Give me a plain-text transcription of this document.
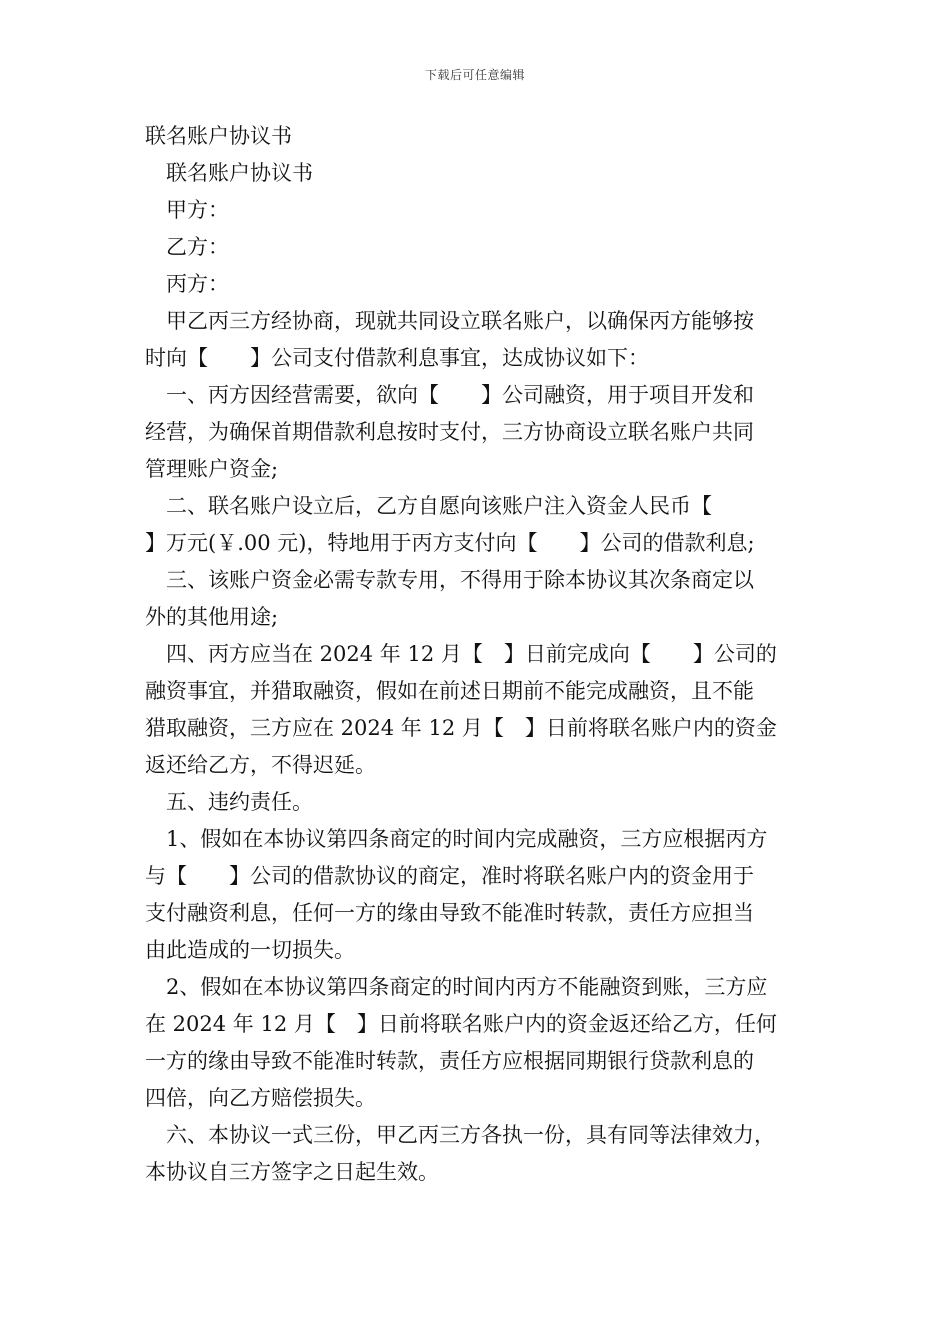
下载后可任意编辑
联名账户协议书
　联名账户协议书
　甲方：
　乙方：
　丙方：
　甲乙丙三方经协商，现就共同设立联名账户，以确保丙方能够按
时向【　　】公司支付借款利息事宜，达成协议如下：
　一、丙方因经营需要，欲向【　　】公司融资，用于项目开发和
经营，为确保首期借款利息按时支付，三方协商设立联名账户共同
管理账户资金;
　二、联名账户设立后，乙方自愿向该账户注入资金人民币【
】万元(￥.00 元)，特地用于丙方支付向【　　】公司的借款利息;
　三、该账户资金必需专款专用，不得用于除本协议其次条商定以
外的其他用途;
　四、丙方应当在 2024 年 12 月【　】日前完成向【　　】公司的
融资事宜，并猎取融资，假如在前述日期前不能完成融资，且不能
猎取融资，三方应在 2024 年 12 月【　】日前将联名账户内的资金
返还给乙方，不得迟延。
　五、违约责任。
　1、假如在本协议第四条商定的时间内完成融资，三方应根据丙方
与【　　】公司的借款协议的商定，准时将联名账户内的资金用于
支付融资利息，任何一方的缘由导致不能准时转款，责任方应担当
由此造成的一切损失。
　2、假如在本协议第四条商定的时间内丙方不能融资到账，三方应
在 2024 年 12 月【　】日前将联名账户内的资金返还给乙方，任何
一方的缘由导致不能准时转款，责任方应根据同期银行贷款利息的
四倍，向乙方赔偿损失。
　六、本协议一式三份，甲乙丙三方各执一份，具有同等法律效力，
本协议自三方签字之日起生效。
